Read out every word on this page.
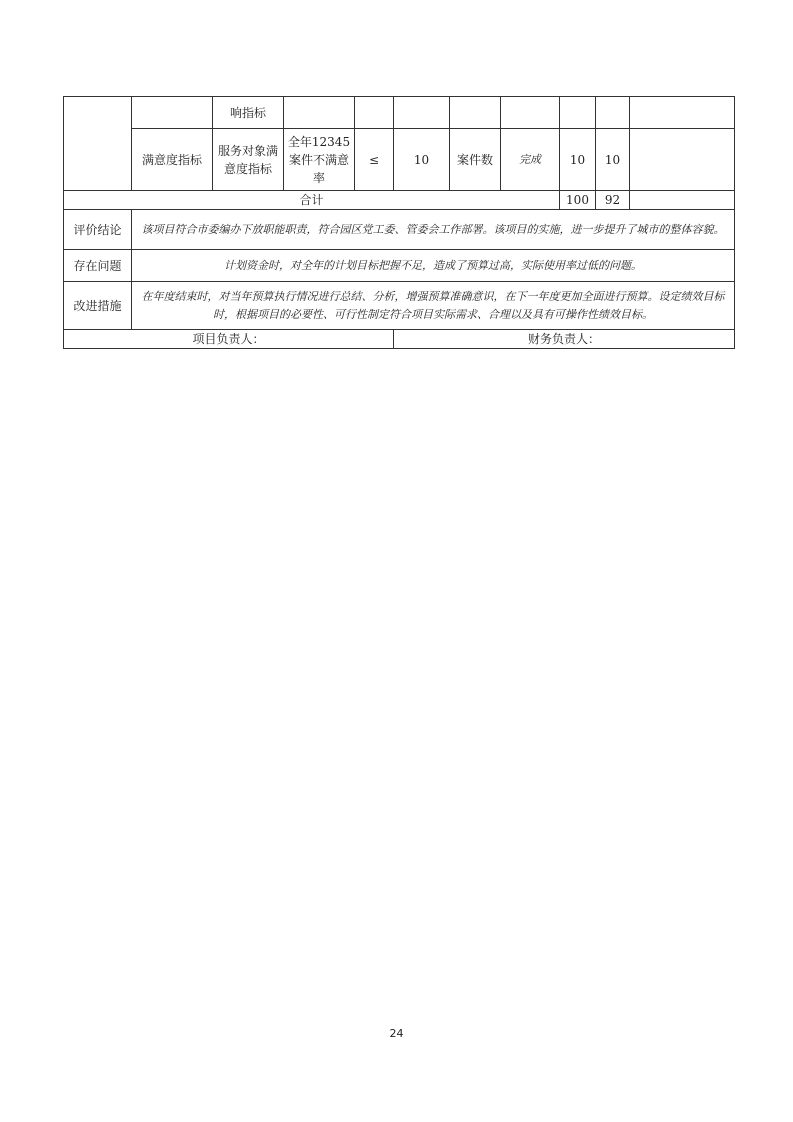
		响指标								
	满意度指标	服务对象满意度指标	全年12345案件不满意率	≤	10	案件数	完成	10	10	
合计								100	92	
评价结论	该项目符合市委编办下放职能职责，符合园区党工委、管委会工作部署。该项目的实施，进一步提升了城市的整体容貌。									
存在问题	计划资金时，对全年的计划目标把握不足，造成了预算过高，实际使用率过低的问题。									
改进措施	在年度结束时，对当年预算执行情况进行总结、分析，增强预算准确意识，在下一年度更加全面进行预算。设定绩效目标时，根据项目的必要性、可行性制定符合项目实际需求、合理以及具有可操作性绩效目标。									
项目负责人：					财务负责人：					
24
